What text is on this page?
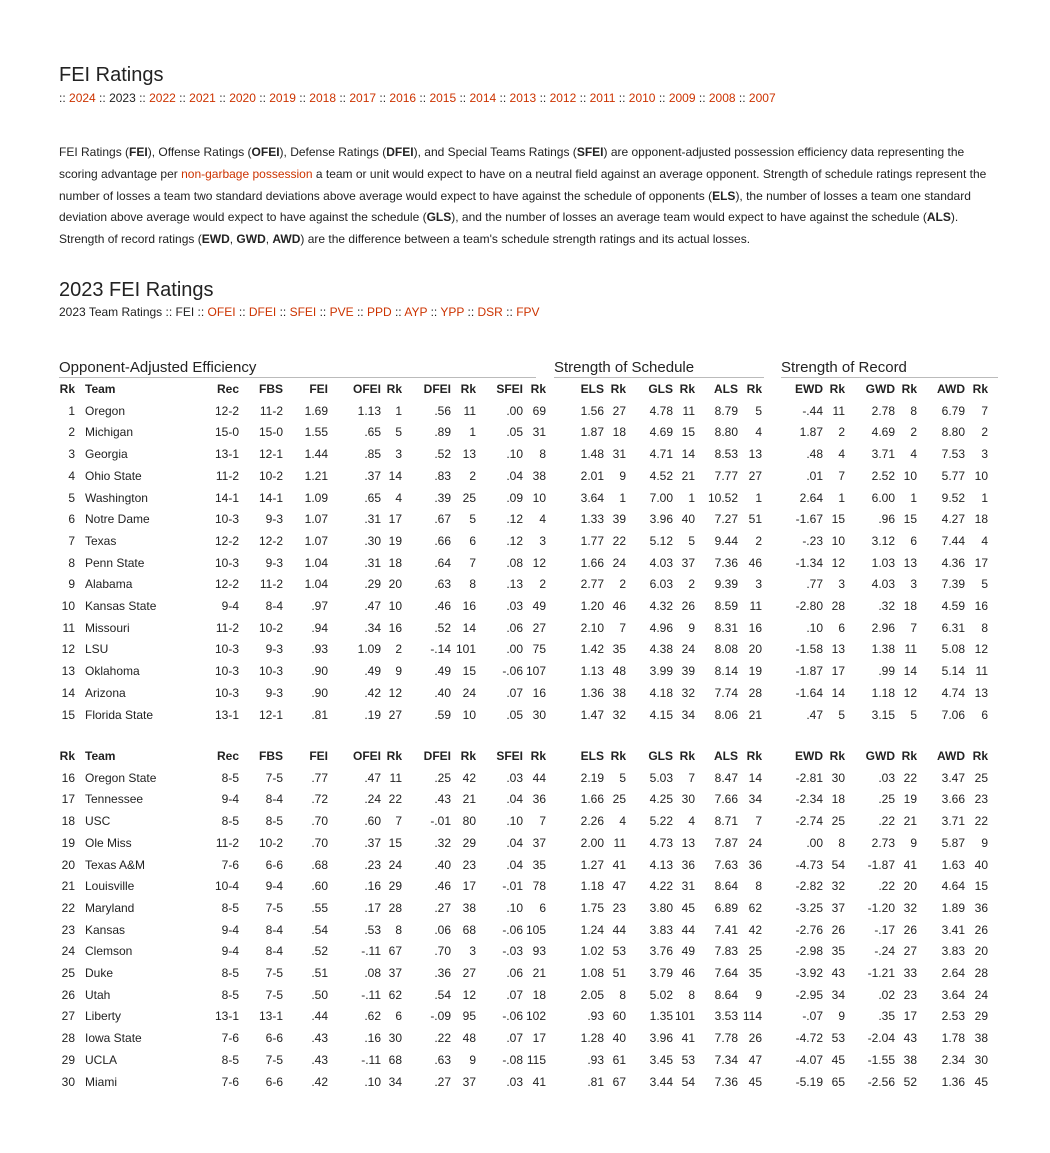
FEI Ratings
:: 2024 :: 2023 :: 2022 :: 2021 :: 2020 :: 2019 :: 2018 :: 2017 :: 2016 :: 2015 :: 2014 :: 2013 :: 2012 :: 2011 :: 2010 :: 2009 :: 2008 :: 2007
FEI Ratings (FEI), Offense Ratings (OFEI), Defense Ratings (DFEI), and Special Teams Ratings (SFEI) are opponent-adjusted possession efficiency data representing the scoring advantage per non-garbage possession a team or unit would expect to have on a neutral field against an average opponent. Strength of schedule ratings represent the number of losses a team two standard deviations above average would expect to have against the schedule of opponents (ELS), the number of losses a team one standard deviation above average would expect to have against the schedule (GLS), and the number of losses an average team would expect to have against the schedule (ALS). Strength of record ratings (EWD, GWD, AWD) are the difference between a team's schedule strength ratings and its actual losses.
2023 FEI Ratings
2023 Team Ratings :: FEI :: OFEI :: DFEI :: SFEI :: PVE :: PPD :: AYP :: YPP :: DSR :: FPV
Opponent-Adjusted Efficiency	Strength of Schedule	Strength of Record
Rk	Team	Rec	FBS	FEI	OFEI	Rk	DFEI	Rk	SFEI	Rk		ELS	Rk	GLS	Rk	ALS	Rk		EWD	Rk	GWD	Rk	AWD	Rk
1	Oregon	12-2	11-2	1.69	1.13	1	.56	11	.00	69		1.56	27	4.78	11	8.79	5		-.44	11	2.78	8	6.79	7
2	Michigan	15-0	15-0	1.55	.65	5	.89	1	.05	31		1.87	18	4.69	15	8.80	4		1.87	2	4.69	2	8.80	2
3	Georgia	13-1	12-1	1.44	.85	3	.52	13	.10	8		1.48	31	4.71	14	8.53	13		.48	4	3.71	4	7.53	3
4	Ohio State	11-2	10-2	1.21	.37	14	.83	2	.04	38		2.01	9	4.52	21	7.77	27		.01	7	2.52	10	5.77	10
5	Washington	14-1	14-1	1.09	.65	4	.39	25	.09	10		3.64	1	7.00	1	10.52	1		2.64	1	6.00	1	9.52	1
6	Notre Dame	10-3	9-3	1.07	.31	17	.67	5	.12	4		1.33	39	3.96	40	7.27	51		-1.67	15	.96	15	4.27	18
7	Texas	12-2	12-2	1.07	.30	19	.66	6	.12	3		1.77	22	5.12	5	9.44	2		-.23	10	3.12	6	7.44	4
8	Penn State	10-3	9-3	1.04	.31	18	.64	7	.08	12		1.66	24	4.03	37	7.36	46		-1.34	12	1.03	13	4.36	17
9	Alabama	12-2	11-2	1.04	.29	20	.63	8	.13	2		2.77	2	6.03	2	9.39	3		.77	3	4.03	3	7.39	5
10	Kansas State	9-4	8-4	.97	.47	10	.46	16	.03	49		1.20	46	4.32	26	8.59	11		-2.80	28	.32	18	4.59	16
11	Missouri	11-2	10-2	.94	.34	16	.52	14	.06	27		2.10	7	4.96	9	8.31	16		.10	6	2.96	7	6.31	8
12	LSU	10-3	9-3	.93	1.09	2	-.14	101	.00	75		1.42	35	4.38	24	8.08	20		-1.58	13	1.38	11	5.08	12
13	Oklahoma	10-3	10-3	.90	.49	9	.49	15	-.06	107		1.13	48	3.99	39	8.14	19		-1.87	17	.99	14	5.14	11
14	Arizona	10-3	9-3	.90	.42	12	.40	24	.07	16		1.36	38	4.18	32	7.74	28		-1.64	14	1.18	12	4.74	13
15	Florida State	13-1	12-1	.81	.19	27	.59	10	.05	30		1.47	32	4.15	34	8.06	21		.47	5	3.15	5	7.06	6
Rk	Team	Rec	FBS	FEI	OFEI	Rk	DFEI	Rk	SFEI	Rk		ELS	Rk	GLS	Rk	ALS	Rk		EWD	Rk	GWD	Rk	AWD	Rk
16	Oregon State	8-5	7-5	.77	.47	11	.25	42	.03	44		2.19	5	5.03	7	8.47	14		-2.81	30	.03	22	3.47	25
17	Tennessee	9-4	8-4	.72	.24	22	.43	21	.04	36		1.66	25	4.25	30	7.66	34		-2.34	18	.25	19	3.66	23
18	USC	8-5	8-5	.70	.60	7	-.01	80	.10	7		2.26	4	5.22	4	8.71	7		-2.74	25	.22	21	3.71	22
19	Ole Miss	11-2	10-2	.70	.37	15	.32	29	.04	37		2.00	11	4.73	13	7.87	24		.00	8	2.73	9	5.87	9
20	Texas A&M	7-6	6-6	.68	.23	24	.40	23	.04	35		1.27	41	4.13	36	7.63	36		-4.73	54	-1.87	41	1.63	40
21	Louisville	10-4	9-4	.60	.16	29	.46	17	-.01	78		1.18	47	4.22	31	8.64	8		-2.82	32	.22	20	4.64	15
22	Maryland	8-5	7-5	.55	.17	28	.27	38	.10	6		1.75	23	3.80	45	6.89	62		-3.25	37	-1.20	32	1.89	36
23	Kansas	9-4	8-4	.54	.53	8	.06	68	-.06	105		1.24	44	3.83	44	7.41	42		-2.76	26	-.17	26	3.41	26
24	Clemson	9-4	8-4	.52	-.11	67	.70	3	-.03	93		1.02	53	3.76	49	7.83	25		-2.98	35	-.24	27	3.83	20
25	Duke	8-5	7-5	.51	.08	37	.36	27	.06	21		1.08	51	3.79	46	7.64	35		-3.92	43	-1.21	33	2.64	28
26	Utah	8-5	7-5	.50	-.11	62	.54	12	.07	18		2.05	8	5.02	8	8.64	9		-2.95	34	.02	23	3.64	24
27	Liberty	13-1	13-1	.44	.62	6	-.09	95	-.06	102		.93	60	1.35	101	3.53	114		-.07	9	.35	17	2.53	29
28	Iowa State	7-6	6-6	.43	.16	30	.22	48	.07	17		1.28	40	3.96	41	7.78	26		-4.72	53	-2.04	43	1.78	38
29	UCLA	8-5	7-5	.43	-.11	68	.63	9	-.08	115		.93	61	3.45	53	7.34	47		-4.07	45	-1.55	38	2.34	30
30	Miami	7-6	6-6	.42	.10	34	.27	37	.03	41		.81	67	3.44	54	7.36	45		-5.19	65	-2.56	52	1.36	45
